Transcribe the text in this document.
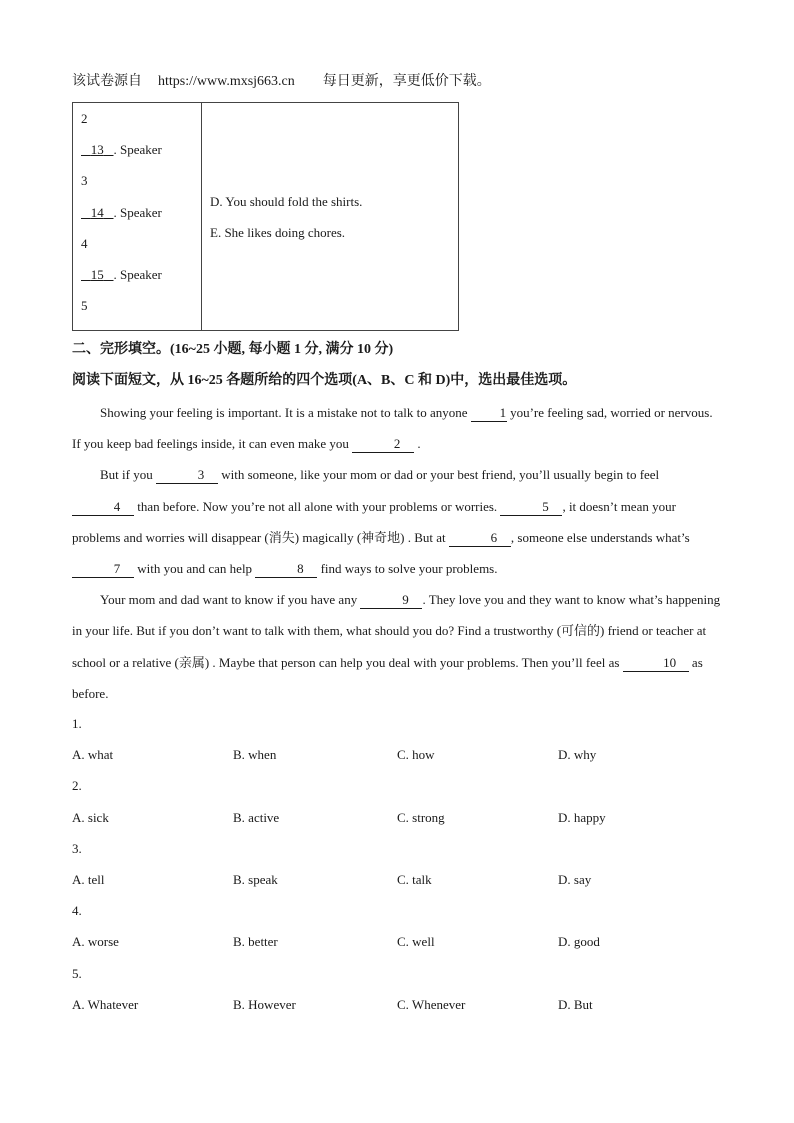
该试卷源自 https://www.mxsj663.cn 每日更新，享更低价下载。
2
13 . Speaker
3
14 . Speaker
4
15 . Speaker
5

D. You should fold the shirts.
E. She likes doing chores.
二、完形填空。(16~25 小题, 每小题 1 分, 满分 10 分)
阅读下面短文，从 16~25 各题所给的四个选项(A、B、C 和 D)中，选出最佳选项。

Showing your feeling is important. It is a mistake not to talk to anyone 1 you’re feeling sad, worried or nervous. If you keep bad feelings inside, it can even make you	2 .

But if you	3 with someone, like your mom or dad or your best friend, you’ll usually begin to feel 4 than before. Now you’re not all alone with your problems or worries.	5 , it doesn’t mean your problems and worries will disappear (消失) magically (神奇地) . But at	6 , someone else understands what’s 7 with you and can help	8 find ways to solve your problems.

Your mom and dad want to know if you have any	9 . They love you and they want to know what’s happening in your life. But if you don’t want to talk with them, what should you do? Find a trustworthy (可信的) friend or teacher at school or a relative (亲属) . Maybe that person can help you deal with your problems. Then you’ll feel as	10 as before.

1.
A. what	B. when	C. how	D. why
2.
A. sick	B. active	C. strong	D. happy
3.
A. tell	B. speak	C. talk	D. say
4.
A. worse	B. better	C. well	D. good
5.
A. Whatever	B. However	C. Whenever	D. But
